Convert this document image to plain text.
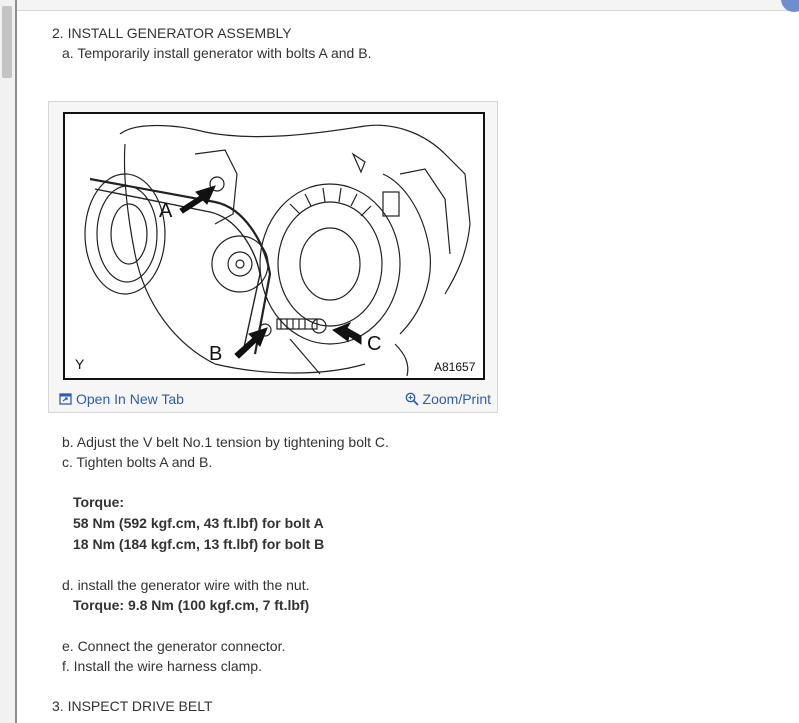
2. INSTALL GENERATOR ASSEMBLY
a. Temporarily install generator with bolts A and B.
A
B	C
Y	A81657
Open In New Tab	Zoom/Print
b. Adjust the V belt No.1 tension by tightening bolt C.
c. Tighten bolts A and B.
Torque:
58 Nm (592 kgf.cm, 43 ft.lbf) for bolt A
18 Nm (184 kgf.cm, 13 ft.lbf) for bolt B
d. install the generator wire with the nut.
Torque: 9.8 Nm (100 kgf.cm, 7 ft.lbf)
e. Connect the generator connector.
f. Install the wire harness clamp.
3. INSPECT DRIVE BELT
